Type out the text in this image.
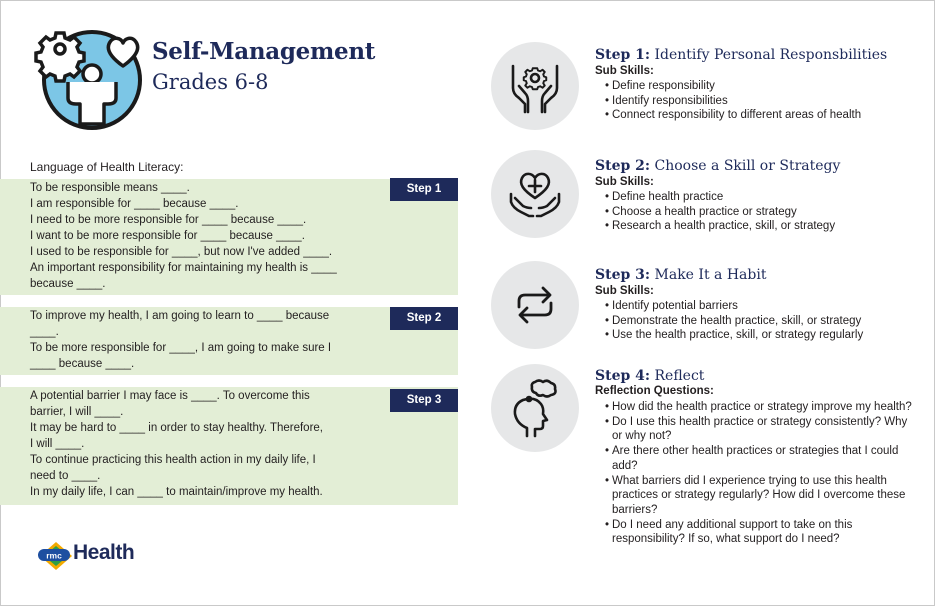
Self-Management
Grades 6-8
Language of Health Literacy:

To be responsible means ____.

I am responsible for ____ because ____.

I need to be more responsible for ____ because ____.

I want to be more responsible for ____ because ____.

I used to be responsible for ____, but now I've added ____.

An important responsibility for maintaining my health is ____

because ____.

Step 1

To improve my health, I am going to learn to ____ because

____.

To be more responsible for ____, I am going to make sure I

____ because ____.

Step 2

A potential barrier I may face is ____. To overcome this

barrier, I will ____.

It may be hard to ____ in order to stay healthy. Therefore,

I will ____.

To continue practicing this health action in my daily life, I

need to ____.

In my daily life, I can ____ to maintain/improve my health.

Step 3
rmc Health
Step 1: Identify Personal Responsbilities
Sub Skills:
• Define responsibility
• Identify responsibilities
• Connect responsibility to different areas of health
Step 2: Choose a Skill or Strategy
Sub Skills:
• Define health practice
• Choose a health practice or strategy
• Research a health practice, skill, or strategy
Step 3: Make It a Habit
Sub Skills:
• Identify potential barriers
• Demonstrate the health practice, skill, or strategy
• Use the health practice, skill, or strategy regularly
Step 4: Reflect
Reflection Questions:
• How did the health practice or strategy improve my health?
• Do I use this health practice or strategy consistently? Why or why not?
• Are there other health practices or strategies that I could add?
• What barriers did I experience trying to use this health practices or strategy regularly? How did I overcome these barriers?
• Do I need any additional support to take on this responsibility? If so, what support do I need?
